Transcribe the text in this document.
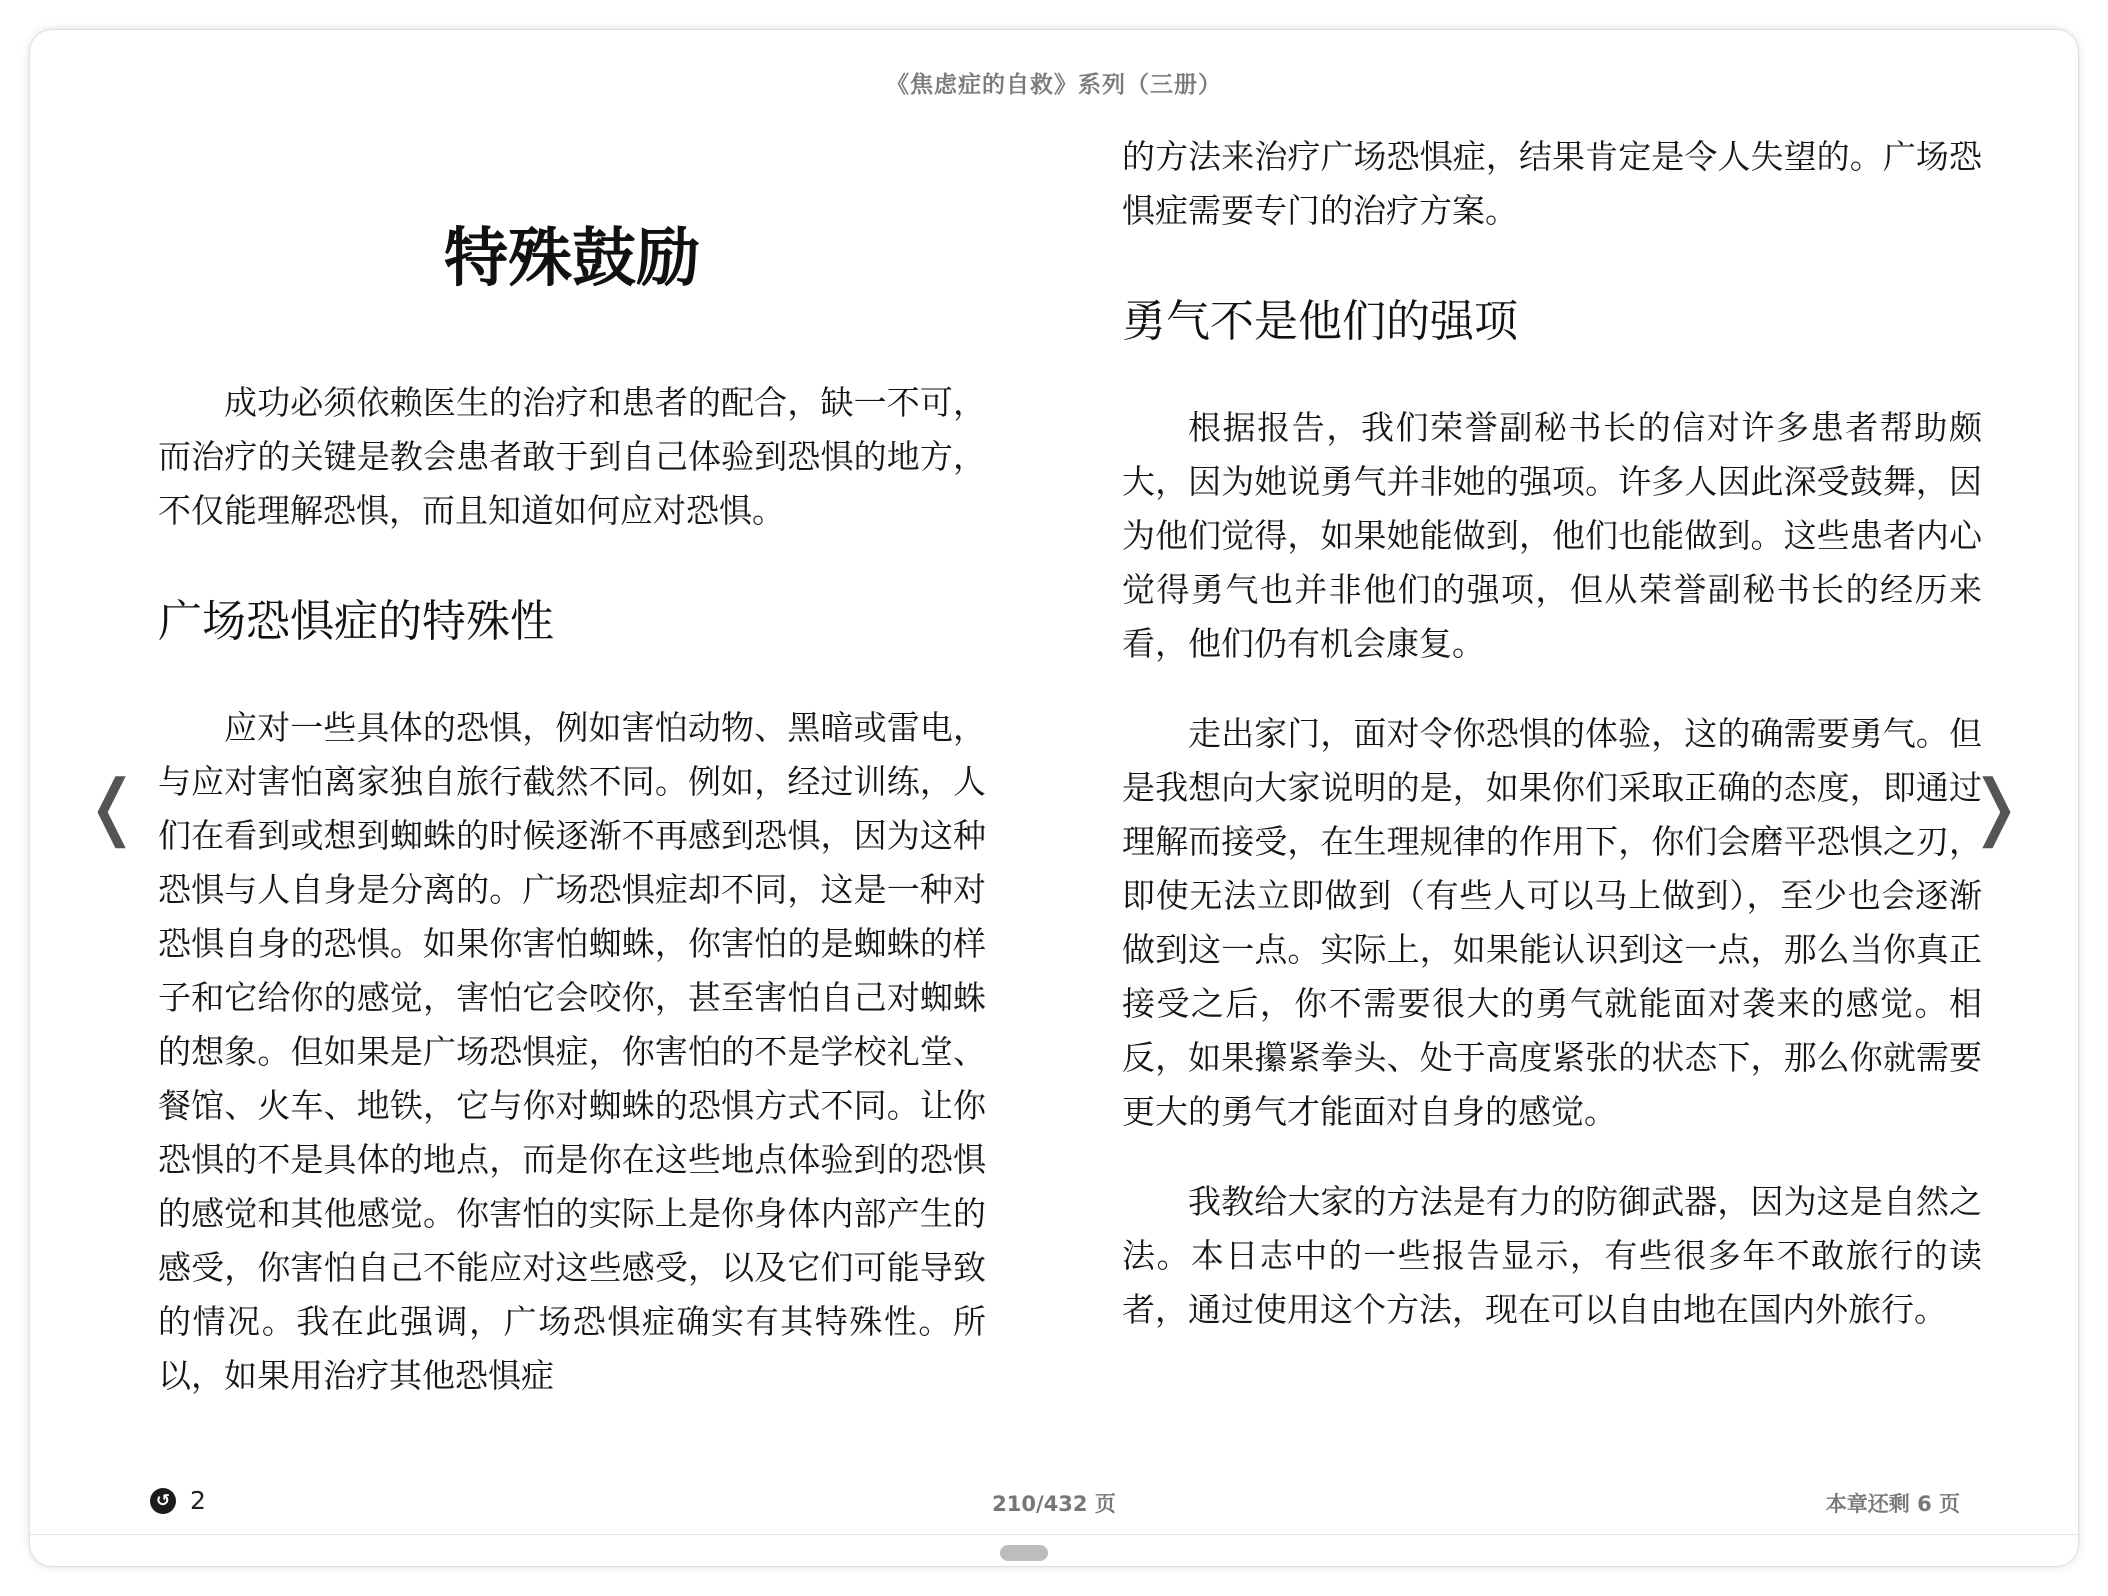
《焦虑症的自救》系列（三册）
特殊鼓励

成功必须依赖医生的治疗和患者的配合，缺一不可，而治疗的关键是教会患者敢于到自己体验到恐惧的地方，不仅能理解恐惧，而且知道如何应对恐惧。

广场恐惧症的特殊性

应对一些具体的恐惧，例如害怕动物、黑暗或雷电，与应对害怕离家独自旅行截然不同。例如，经过训练，人们在看到或想到蜘蛛的时候逐渐不再感到恐惧，因为这种恐惧与人自身是分离的。广场恐惧症却不同，这是一种对恐惧自身的恐惧。如果你害怕蜘蛛，你害怕的是蜘蛛的样子和它给你的感觉，害怕它会咬你，甚至害怕自己对蜘蛛的想象。但如果是广场恐惧症，你害怕的不是学校礼堂、餐馆、火车、地铁，它与你对蜘蛛的恐惧方式不同。让你恐惧的不是具体的地点，而是你在这些地点体验到的恐惧的感觉和其他感觉。你害怕的实际上是你身体内部产生的感受，你害怕自己不能应对这些感受，以及它们可能导致的情况。我在此强调，广场恐惧症确实有其特殊性。所以，如果用治疗其他恐惧症

的方法来治疗广场恐惧症，结果肯定是令人失望的。广场恐惧症需要专门的治疗方案。

勇气不是他们的强项

根据报告，我们荣誉副秘书长的信对许多患者帮助颇大，因为她说勇气并非她的强项。许多人因此深受鼓舞，因为他们觉得，如果她能做到，他们也能做到。这些患者内心觉得勇气也并非他们的强项，但从荣誉副秘书长的经历来看，他们仍有机会康复。

走出家门，面对令你恐惧的体验，这的确需要勇气。但是我想向大家说明的是，如果你们采取正确的态度，即通过理解而接受，在生理规律的作用下，你们会磨平恐惧之刃，即使无法立即做到（有些人可以马上做到），至少也会逐渐做到这一点。实际上，如果能认识到这一点，那么当你真正接受之后，你不需要很大的勇气就能面对袭来的感觉。相反，如果攥紧拳头、处于高度紧张的状态下，那么你就需要更大的勇气才能面对自身的感觉。

我教给大家的方法是有力的防御武器，因为这是自然之法。本日志中的一些报告显示，有些很多年不敢旅行的读者，通过使用这个方法，现在可以自由地在国内外旅行。

❬	❭
↺ 2	210/432 页	本章还剩 6 页
